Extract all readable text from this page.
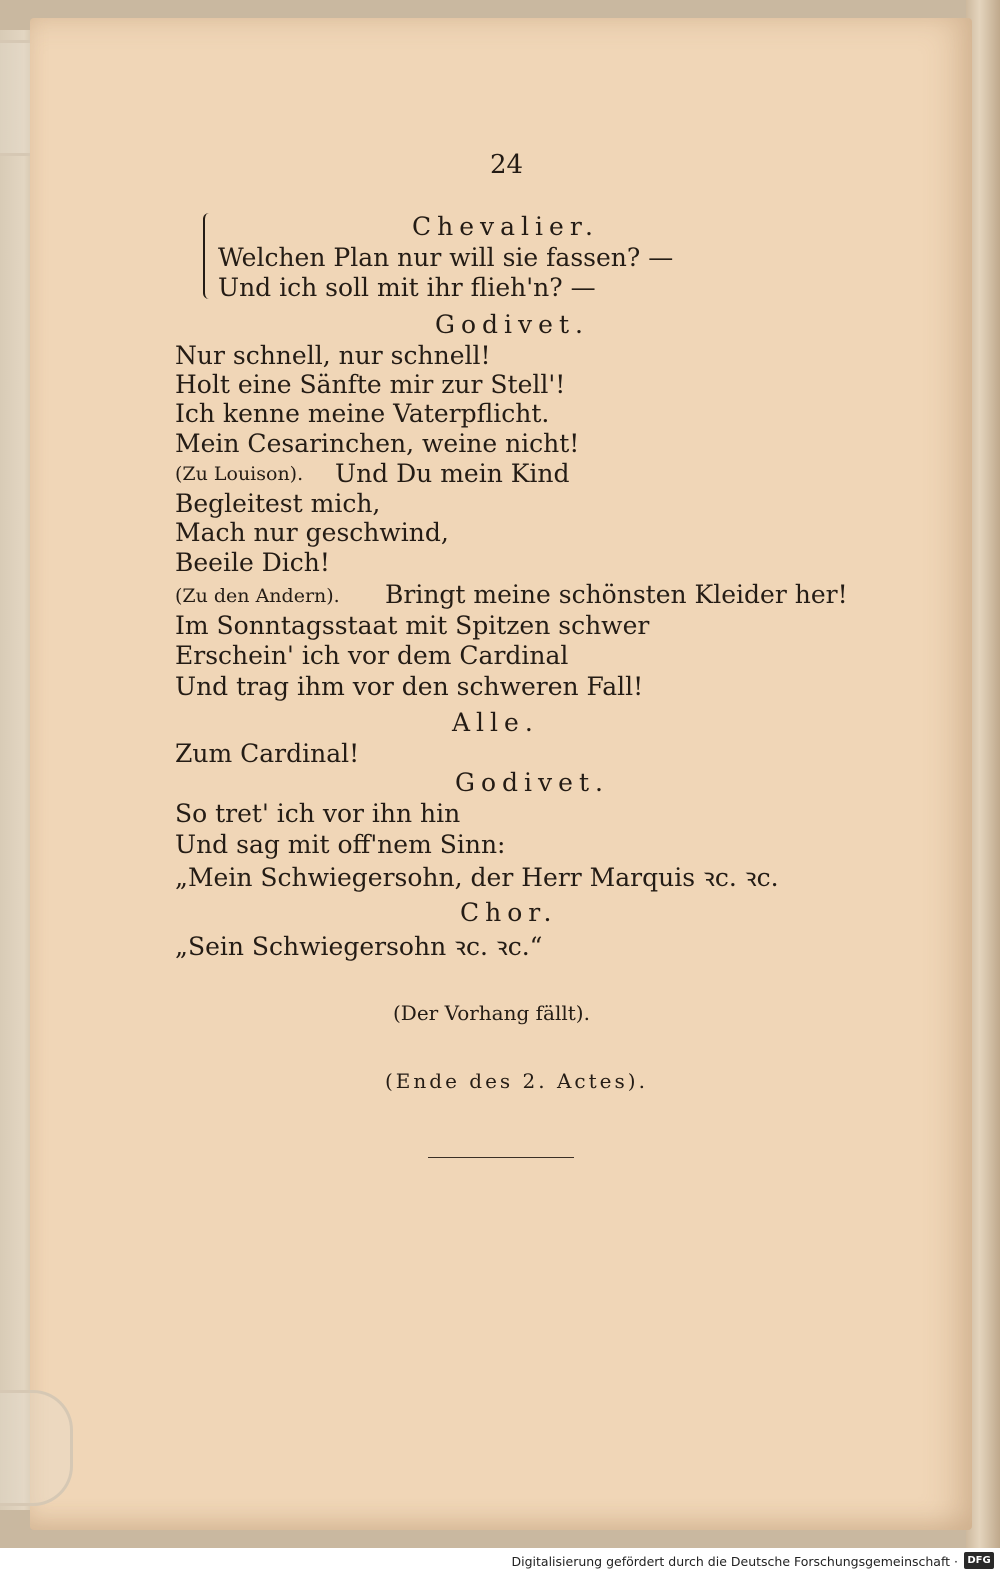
24
Chevalier.
Welchen Plan nur will sie fassen? —
Und ich soll mit ihr flieh'n? —
Godivet.
Nur schnell, nur schnell!
Holt eine Sänfte mir zur Stell'!
Ich kenne meine Vaterpflicht.
Mein Cesarinchen, weine nicht!
(Zu Louison). Und Du mein Kind
Begleitest mich,
Mach nur geschwind,
Beeile Dich!
(Zu den Andern). Bringt meine schönsten Kleider her!
Im Sonntagsstaat mit Spitzen schwer
Erschein' ich vor dem Cardinal
Und trag ihm vor den schweren Fall!
Alle.
Zum Cardinal!
Godivet.
So tret' ich vor ihn hin
Und sag mit off'nem Sinn:
„Mein Schwiegersohn, der Herr Marquis ꝛc. ꝛc.
Chor.
„Sein Schwiegersohn ꝛc. ꝛc.“
(Der Vorhang fällt).
(Ende des 2. Actes).
Digitalisierung gefördert durch die Deutsche Forschungsgemeinschaft · DFG
